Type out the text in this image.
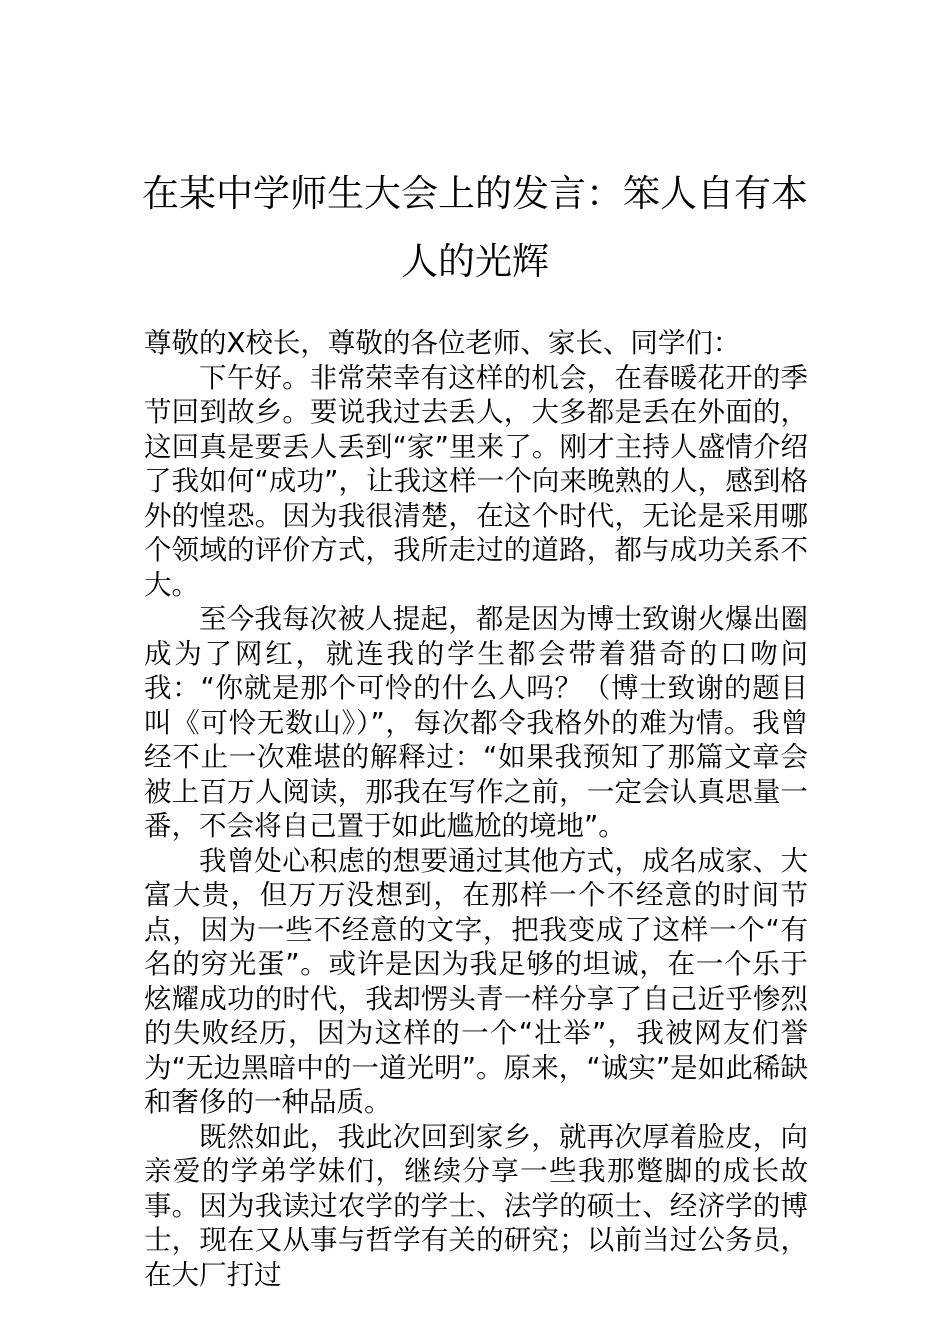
在某中学师生大会上的发言：笨人自有本人的光辉

尊敬的X校长，尊敬的各位老师、家长、同学们：

下午好。非常荣幸有这样的机会，在春暖花开的季节回到故乡。要说我过去丢人，大多都是丢在外面的，这回真是要丢人丢到“家”里来了。刚才主持人盛情介绍了我如何“成功”，让我这样一个向来晚熟的人，感到格外的惶恐。因为我很清楚，在这个时代，无论是采用哪个领域的评价方式，我所走过的道路，都与成功关系不大。

至今我每次被人提起，都是因为博士致谢火爆出圈成为了网红，就连我的学生都会带着猎奇的口吻问我：“你就是那个可怜的什么人吗？（博士致谢的题目叫《可怜无数山》）”，每次都令我格外的难为情。我曾经不止一次难堪的解释过：“如果我预知了那篇文章会被上百万人阅读，那我在写作之前，一定会认真思量一番，不会将自己置于如此尴尬的境地”。

我曾处心积虑的想要通过其他方式，成名成家、大富大贵，但万万没想到，在那样一个不经意的时间节点，因为一些不经意的文字，把我变成了这样一个“有名的穷光蛋”。或许是因为我足够的坦诚，在一个乐于炫耀成功的时代，我却愣头青一样分享了自己近乎惨烈的失败经历，因为这样的一个“壮举”，我被网友们誉为“无边黑暗中的一道光明”。原来，“诚实”是如此稀缺和奢侈的一种品质。

既然如此，我此次回到家乡，就再次厚着脸皮，向亲爱的学弟学妹们，继续分享一些我那蹩脚的成长故事。因为我读过农学的学士、法学的硕士、经济学的博士，现在又从事与哲学有关的研究；以前当过公务员，在大厂打过
